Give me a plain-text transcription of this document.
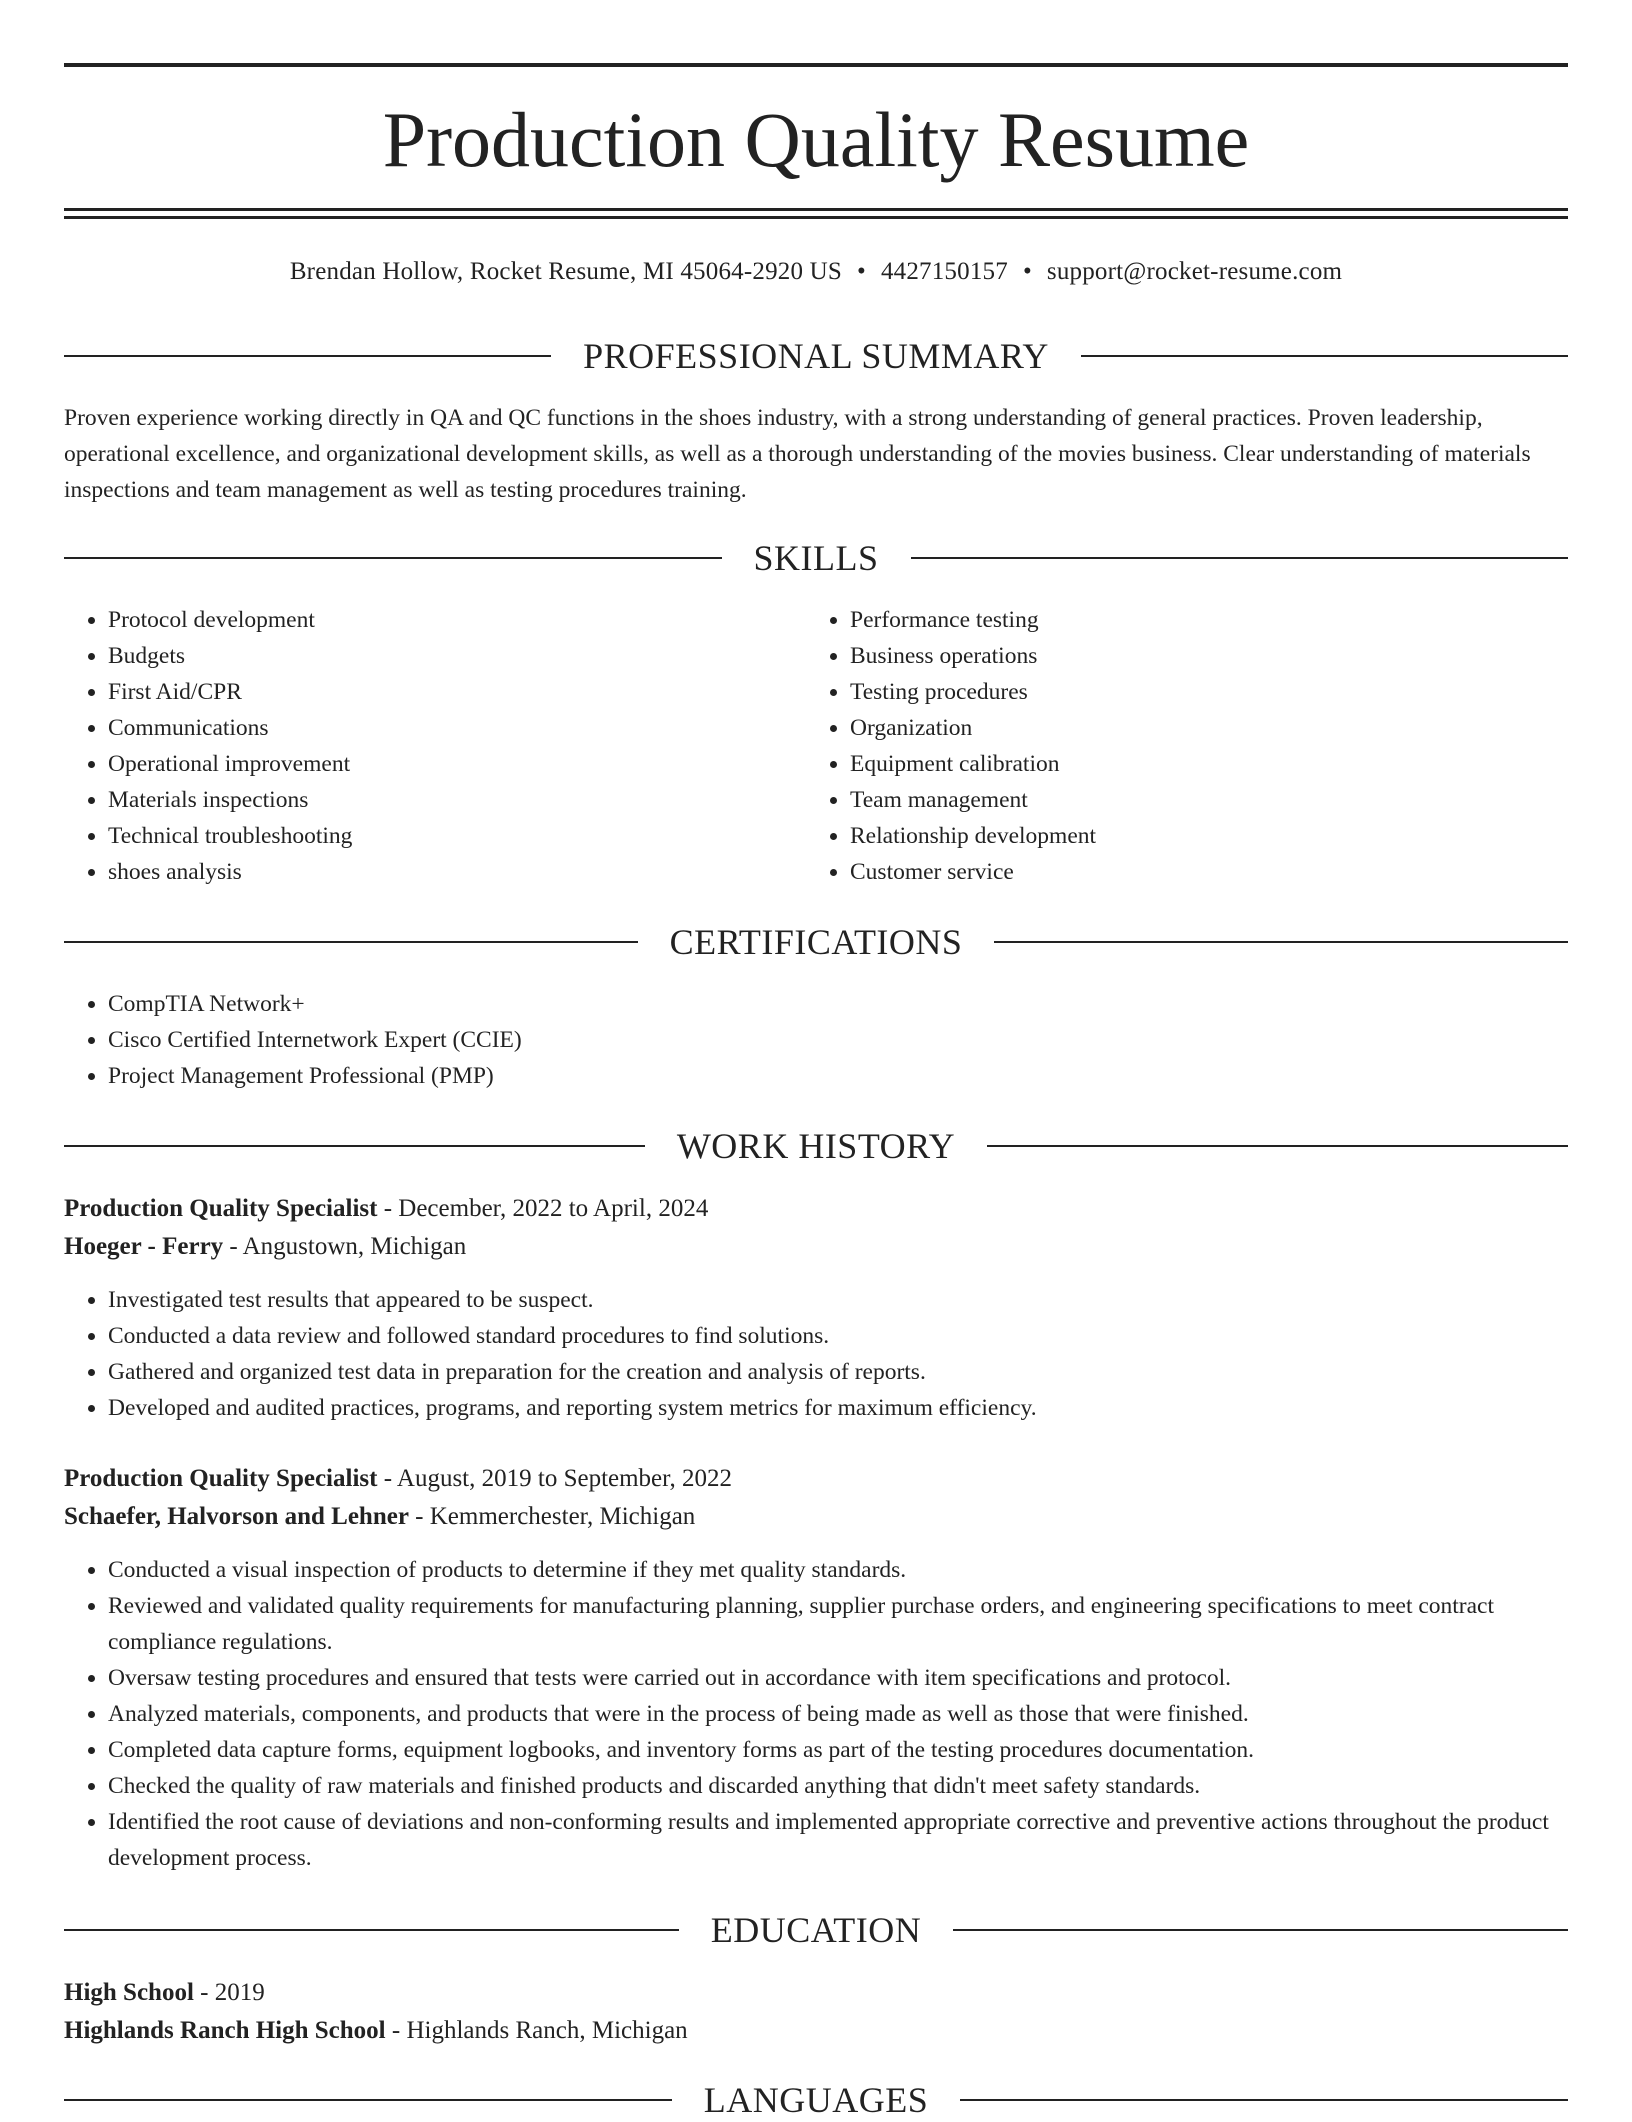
Production Quality Resume
Brendan Hollow, Rocket Resume, MI 45064-2920 US • 4427150157 • support@rocket-resume.com
PROFESSIONAL SUMMARY

Proven experience working directly in QA and QC functions in the shoes industry, with a strong understanding of general practices. Proven leadership, operational excellence, and organizational development skills, as well as a thorough understanding of the movies business. Clear understanding of materials inspections and team management as well as testing procedures training.

SKILLS
• Protocol development
• Budgets
• First Aid/CPR
• Communications
• Operational improvement
• Materials inspections
• Technical troubleshooting
• shoes analysis
• Performance testing
• Business operations
• Testing procedures
• Organization
• Equipment calibration
• Team management
• Relationship development
• Customer service
CERTIFICATIONS
• CompTIA Network+
• Cisco Certified Internetwork Expert (CCIE)
• Project Management Professional (PMP)
WORK HISTORY

Production Quality Specialist - December, 2022 to April, 2024

Hoeger - Ferry - Angustown, Michigan

• Investigated test results that appeared to be suspect.
• Conducted a data review and followed standard procedures to find solutions.
• Gathered and organized test data in preparation for the creation and analysis of reports.
• Developed and audited practices, programs, and reporting system metrics for maximum efficiency.

Production Quality Specialist - August, 2019 to September, 2022

Schaefer, Halvorson and Lehner - Kemmerchester, Michigan

• Conducted a visual inspection of products to determine if they met quality standards.
• Reviewed and validated quality requirements for manufacturing planning, supplier purchase orders, and engineering specifications to meet contract compliance regulations.
• Oversaw testing procedures and ensured that tests were carried out in accordance with item specifications and protocol.
• Analyzed materials, components, and products that were in the process of being made as well as those that were finished.
• Completed data capture forms, equipment logbooks, and inventory forms as part of the testing procedures documentation.
• Checked the quality of raw materials and finished products and discarded anything that didn't meet safety standards.
• Identified the root cause of deviations and non-conforming results and implemented appropriate corrective and preventive actions throughout the product development process.
EDUCATION

High School - 2019

Highlands Ranch High School - Highlands Ranch, Michigan

LANGUAGES
